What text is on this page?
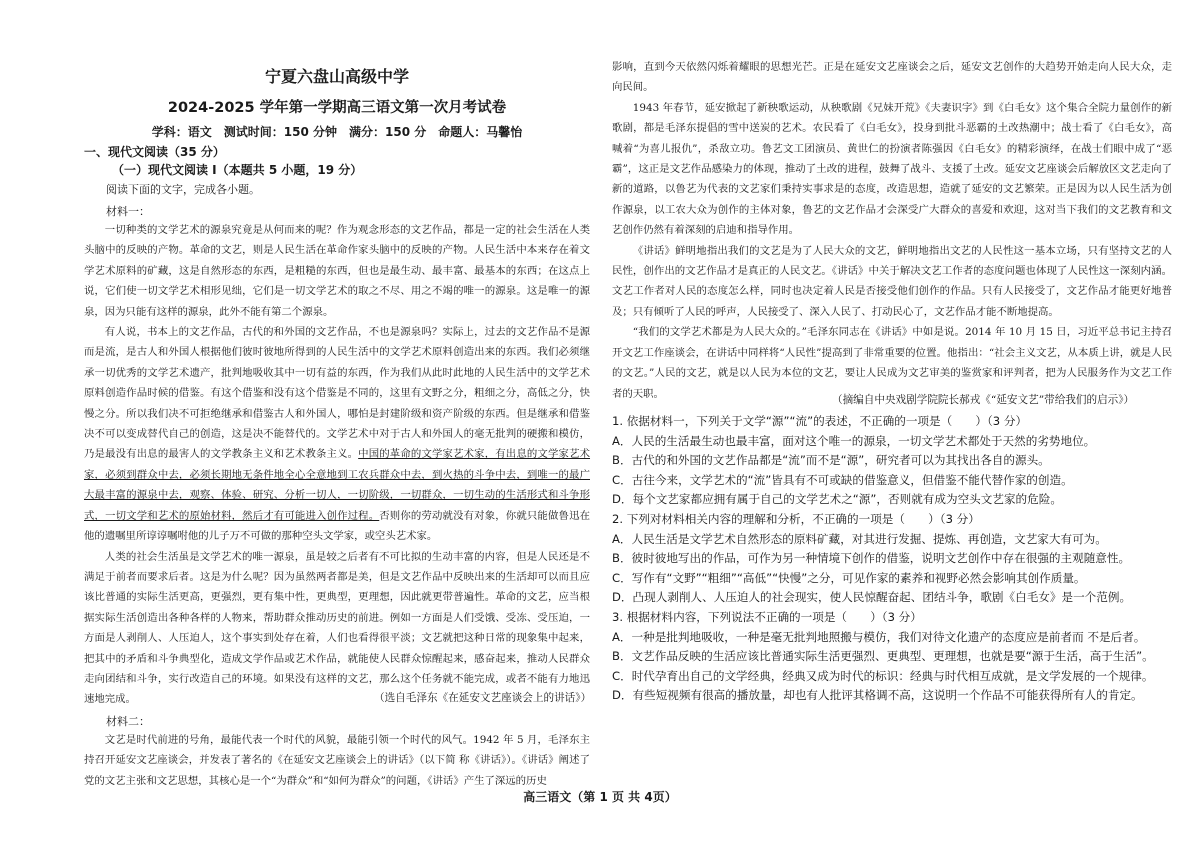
宁夏六盘山高级中学
2024-2025 学年第一学期高三语文第一次月考试卷
学科：语文　测试时间：150 分钟　满分：150 分　命题人：马馨怡
一、现代文阅读（35 分）
（一）现代文阅读 I（本题共 5 小题，19 分）
阅读下面的文字，完成各小题。
材料一：

一切种类的文学艺术的源泉究竟是从何而来的呢？作为观念形态的文艺作品，都是一定的社会生活在人类头脑中的反映的产物。革命的文艺，则是人民生活在革命作家头脑中的反映的产物。人民生活中本来存在着文学艺术原料的矿藏，这是自然形态的东西，是粗糙的东西，但也是最生动、最丰富、最基本的东西；在这点上说，它们使一切文学艺术相形见绌，它们是一切文学艺术的取之不尽、用之不竭的唯一的源泉。这是唯一的源泉，因为只能有这样的源泉，此外不能有第二个源泉。

有人说，书本上的文艺作品，古代的和外国的文艺作品，不也是源泉吗？实际上，过去的文艺作品不是源而是流，是古人和外国人根据他们彼时彼地所得到的人民生活中的文学艺术原料创造出来的东西。我们必须继承一切优秀的文学艺术遗产，批判地吸收其中一切有益的东西，作为我们从此时此地的人民生活中的文学艺术原料创造作品时候的借鉴。有这个借鉴和没有这个借鉴是不同的，这里有文野之分，粗细之分，高低之分，快慢之分。所以我们决不可拒绝继承和借鉴古人和外国人，哪怕是封建阶级和资产阶级的东西。但是继承和借鉴决不可以变成替代自己的创造，这是决不能替代的。文学艺术中对于古人和外国人的毫无批判的硬搬和模仿，乃是最没有出息的最害人的文学教条主义和艺术教条主义。中国的革命的文学家艺术家，有出息的文学家艺术家，必须到群众中去，必须长期地无条件地全心全意地到工农兵群众中去，到火热的斗争中去，到唯一的最广大最丰富的源泉中去，观察、体验、研究、分析一切人，一切阶级，一切群众，一切生动的生活形式和斗争形式，一切文学和艺术的原始材料，然后才有可能进入创作过程。否则你的劳动就没有对象，你就只能做鲁迅在他的遗嘱里所谆谆嘱咐他的儿子万不可做的那种空头文学家，或空头艺术家。

人类的社会生活虽是文学艺术的唯一源泉，虽是较之后者有不可比拟的生动丰富的内容，但是人民还是不满足于前者而要求后者。这是为什么呢？因为虽然两者都是美，但是文艺作品中反映出来的生活却可以而且应该比普通的实际生活更高，更强烈，更有集中性，更典型，更理想，因此就更带普遍性。革命的文艺，应当根据实际生活创造出各种各样的人物来，帮助群众推动历史的前进。例如一方面是人们受饿、受冻、受压迫，一方面是人剥削人、人压迫人，这个事实到处存在着，人们也看得很平淡；文艺就把这种日常的现象集中起来，把其中的矛盾和斗争典型化，造成文学作品或艺术作品，就能使人民群众惊醒起来，感奋起来，推动人民群众走向团结和斗争，实行改造自己的环境。如果没有这样的文艺，那么这个任务就不能完成，或者不能有力地迅速地完成。	（选自毛泽东《在延安文艺座谈会上的讲话》）
材料二：

文艺是时代前进的号角，最能代表一个时代的风貌，最能引领一个时代的风气。1942 年 5 月，毛泽东主持召开延安文艺座谈会，并发表了著名的《在延安文艺座谈会上的讲话》（以下简 称《讲话》）。《讲话》阐述了党的文艺主张和文艺思想，其核心是一个“为群众”和“如何为群众”的问题，《讲话》产生了深远的历史

影响，直到今天依然闪烁着耀眼的思想光芒。正是在延安文艺座谈会之后，延安文艺创作的大趋势开始走向人民大众，走向民间。

1943 年春节，延安掀起了新秧歌运动，从秧歌剧《兄妹开荒》《夫妻识字》到《白毛女》这个集合全院力量创作的新歌剧，都是毛泽东提倡的雪中送炭的艺术。农民看了《白毛女》，投身到批斗恶霸的土改热潮中；战士看了《白毛女》，高喊着“为喜儿报仇”，杀敌立功。鲁艺文工团演员、黄世仁的扮演者陈强因《白毛女》的精彩演绎，在战士们眼中成了“恶霸”，这正是文艺作品感染力的体现，推动了土改的进程，鼓舞了战斗、支援了土改。延安文艺座谈会后解放区文艺走向了新的道路，以鲁艺为代表的文艺家们秉持实事求是的态度，改造思想，造就了延安的文艺繁荣。正是因为以人民生活为创作源泉，以工农大众为创作的主体对象，鲁艺的文艺作品才会深受广大群众的喜爱和欢迎，这对当下我们的文艺教育和文艺创作仍然有着深刻的启迪和指导作用。

《讲话》鲜明地指出我们的文艺是为了人民大众的文艺，鲜明地指出文艺的人民性这一基本立场，只有坚持文艺的人民性，创作出的文艺作品才是真正的人民文艺。《讲话》中关于解决文艺工作者的态度问题也体现了人民性这一深刻内涵。文艺工作者对人民的态度怎么样，同时也决定着人民是否接受他们创作的作品。只有人民接受了，文艺作品才能更好地普及；只有倾听了人民的呼声，人民接受了、深入人民了、打动民心了，文艺作品才能不断地提高。

“我们的文学艺术都是为人民大众的。”毛泽东同志在《讲话》中如是说。2014 年 10 月 15 日，习近平总书记主持召开文艺工作座谈会，在讲话中同样将“人民性”提高到了非常重要的位置。他指出：“社会主义文艺，从本质上讲，就是人民的文艺。”人民的文艺，就是以人民为本位的文艺，要让人民成为文艺审美的鉴赏家和评判者，把为人民服务作为文艺工作者的天职。

（摘编自中央戏剧学院院长郝戎《“延安文艺”带给我们的启示》）
1. 依据材料一，下列关于文学“源”“流”的表述，不正确的一项是（　　）（3 分）
A．人民的生活最生动也最丰富，面对这个唯一的源泉，一切文学艺术都处于天然的劣势地位。
B．古代的和外国的文艺作品都是“流”而不是“源”，研究者可以为其找出各自的源头。
C．古往今来，文学艺术的“流”皆具有不可或缺的借鉴意义，但借鉴不能代替作家的创造。
D．每个文艺家都应拥有属于自己的文学艺术之“源”，否则就有成为空头文艺家的危险。
2. 下列对材料相关内容的理解和分析，不正确的一项是（　　）（3 分）
A．人民生活是文学艺术自然形态的原料矿藏，对其进行发掘、提炼、再创造，文艺家大有可为。
B．彼时彼地写出的作品，可作为另一种情境下创作的借鉴，说明文艺创作中存在很强的主观随意性。
C．写作有“文野”“粗细”“高低”“快慢”之分，可见作家的素养和视野必然会影响其创作质量。
D．凸现人剥削人、人压迫人的社会现实，使人民惊醒奋起、团结斗争，歌剧《白毛女》是一个范例。
3. 根据材料内容，下列说法不正确的一项是（　　）（3 分）
A．一种是批判地吸收，一种是毫无批判地照搬与模仿，我们对待文化遗产的态度应是前者而 不是后者。
B．文艺作品反映的生活应该比普通实际生活更强烈、更典型、更理想，也就是要“源于生活，高于生活”。
C．时代孕育出自己的文学经典，经典又成为时代的标识：经典与时代相互成就，是文学发展的一个规律。
D．有些短视频有很高的播放量，却也有人批评其格调不高，这说明一个作品不可能获得所有人的肯定。
高三语文（第 1 页 共 4页）
